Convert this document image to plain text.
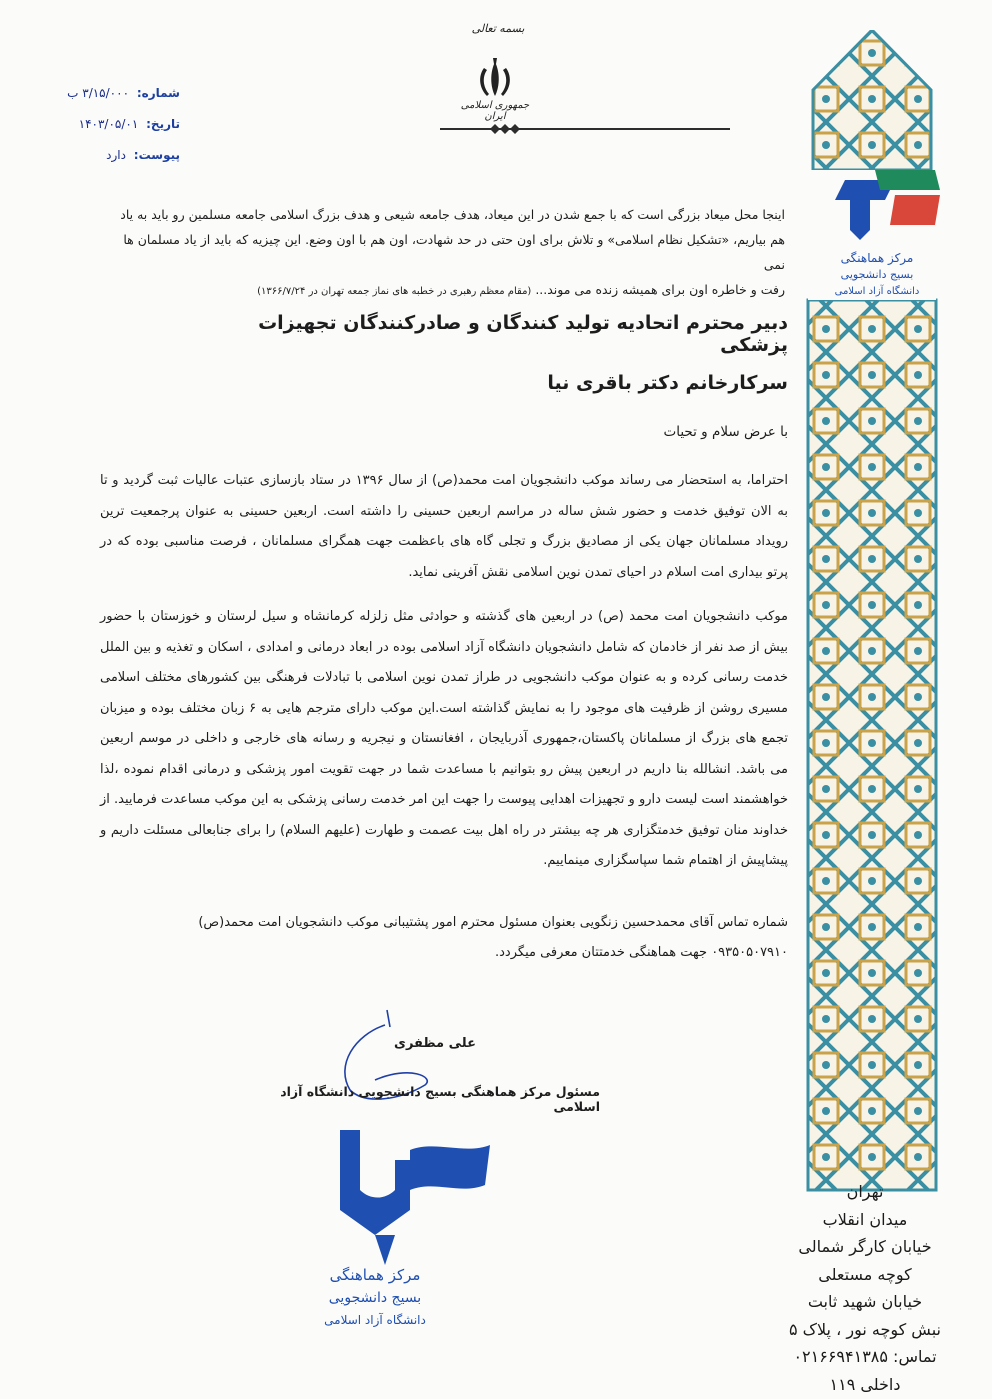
بسمه تعالی
جمهوری اسلامی ایران
شماره: ۳/۱۵/۰۰۰ ب
تاریخ: ۱۴۰۳/۰۵/۰۱
پیوست: دارد
مرکز هماهنگی
بسیج دانشجویی
دانشگاه آزاد اسلامی
اینجا محل میعاد بزرگی است که با جمع شدن در این میعاد، هدف جامعه شیعی و هدف بزرگ اسلامی جامعه مسلمین رو باید به یاد
هم بیاریم، «تشکیل نظام اسلامی» و تلاش برای اون حتی در حد شهادت، اون هم با اون وضع. این چیزیه که باید از یاد مسلمان ها نمی
رفت و خاطره اون برای همیشه زنده می موند... (مقام معظم رهبری در خطبه های نماز جمعه تهران در ۱۳۶۶/۷/۲۴)
دبیر محترم اتحادیه تولید کنندگان و صادرکنندگان تجهیزات پزشکی
سرکارخانم دکتر باقری نیا
با عرض سلام و تحیات
احتراما، به استحضار می رساند موکب دانشجویان امت محمد(ص) از سال ۱۳۹۶ در ستاد بازسازی عتبات عالیات ثبت گردید و تا به الان توفیق خدمت و حضور شش ساله در مراسم اربعین حسینی را داشته است. اربعین حسینی به عنوان پرجمعیت ترین رویداد مسلمانان جهان یکی از مصادیق بزرگ و تجلی گاه های باعظمت جهت همگرای مسلمانان ، فرصت مناسبی بوده که در پرتو بیداری امت اسلام در احیای تمدن نوین اسلامی نقش آفرینی نماید.
موکب دانشجویان امت محمد (ص) در اربعین های گذشته و حوادثی مثل زلزله کرمانشاه و سیل لرستان و خوزستان با حضور بیش از صد نفر از خادمان که شامل دانشجویان دانشگاه آزاد اسلامی بوده در ابعاد درمانی و امدادی ، اسکان و تغذیه و بین الملل خدمت رسانی کرده و به عنوان موکب دانشجویی در طراز تمدن نوین اسلامی با تبادلات فرهنگی بین کشورهای مختلف اسلامی مسیری روشن از ظرفیت های موجود را به نمایش گذاشته است.این موکب دارای مترجم هایی به ۶ زبان مختلف بوده و میزبان تجمع های بزرگ از مسلمانان پاکستان،جمهوری آذربایجان ، افغانستان و نیجریه و رسانه های خارجی و داخلی در موسم اربعین می باشد. انشالله بنا داریم در اربعین پیش رو بتوانیم با مساعدت شما در جهت تقویت امور پزشکی و درمانی اقدام نموده ،لذا خواهشمند است لیست دارو و تجهیزات اهدایی پیوست را جهت این امر خدمت رسانی پزشکی به این موکب مساعدت فرمایید. از خداوند منان توفیق خدمتگزاری هر چه بیشتر در راه اهل بیت عصمت و طهارت (علیهم السلام) را برای جنابعالی مسئلت داریم و پیشاپیش از اهتمام شما سپاسگزاری مینماییم.
شماره تماس آقای محمدحسین زنگویی بعنوان مسئول محترم امور پشتیبانی موکب دانشجویان امت محمد(ص) ۰۹۳۵۰۵۰۷۹۱۰ جهت هماهنگی خدمتتان معرفی میگردد.
علی مظفری
مسئول مرکز هماهنگی بسیج دانشجویی دانشگاه آزاد اسلامی
مرکز هماهنگی
بسیج دانشجویی
دانشگاه آزاد اسلامی
تهران
میدان انقلاب
خیابان کارگر شمالی
کوچه مستعلی
خیابان شهید ثابت
نبش کوچه نور ، پلاک ۵
تماس: ۰۲۱۶۶۹۴۱۳۸۵
داخلی ۱۱۹
